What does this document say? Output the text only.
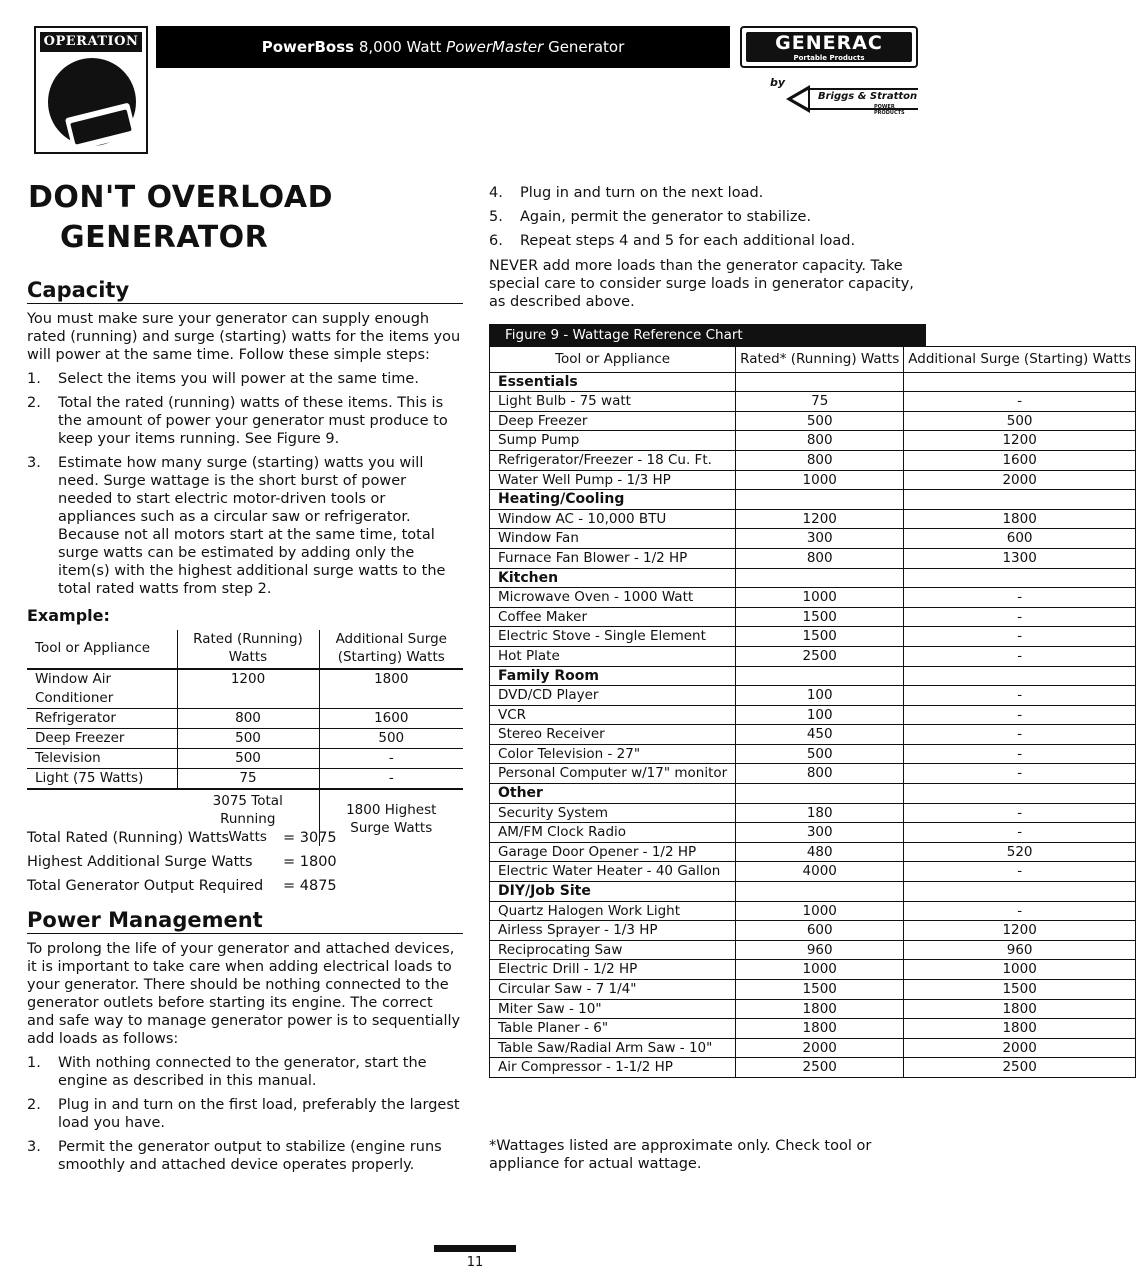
OPERATION	PowerBoss 8,000 Watt PowerMaster Generator	GENERAC
Portable Products
by
Briggs & Stratton
POWER PRODUCTS
DON'T OVERLOAD
GENERATOR
Capacity
You must make sure your generator can supply enough rated (running) and surge (starting) watts for the items you will power at the same time. Follow these simple steps:
1. Select the items you will power at the same time.
2. Total the rated (running) watts of these items. This is the amount of power your generator must produce to keep your items running. See Figure 9.
3. Estimate how many surge (starting) watts you will need. Surge wattage is the short burst of power needed to start electric motor-driven tools or appliances such as a circular saw or refrigerator. Because not all motors start at the same time, total surge watts can be estimated by adding only the item(s) with the highest additional surge watts to the total rated watts from step 2.
Example:
Tool or Appliance	Rated (Running) Watts	Additional Surge (Starting) Watts
Window Air Conditioner	1200	1800
Refrigerator	800	1600
Deep Freezer	500	500
Television	500	-
Light (75 Watts)	75	-
	3075 Total Running Watts	1800 Highest Surge Watts
Total Rated (Running) Watts	= 3075
Highest Additional Surge Watts = 1800
Total Generator Output Required = 4875
Power Management
To prolong the life of your generator and attached devices, it is important to take care when adding electrical loads to your generator. There should be nothing connected to the generator outlets before starting its engine. The correct and safe way to manage generator power is to sequentially add loads as follows:
1. With nothing connected to the generator, start the engine as described in this manual.
2. Plug in and turn on the first load, preferably the largest load you have.
3. Permit the generator output to stabilize (engine runs smoothly and attached device operates properly.
4. Plug in and turn on the next load.
5. Again, permit the generator to stabilize.
6. Repeat steps 4 and 5 for each additional load.
NEVER add more loads than the generator capacity. Take special care to consider surge loads in generator capacity, as described above.
Figure 9 - Wattage Reference Chart
Tool or Appliance	Rated* (Running) Watts	Additional Surge (Starting) Watts
Essentials		
Light Bulb - 75 watt	75	-
Deep Freezer	500	500
Sump Pump	800	1200
Refrigerator/Freezer - 18 Cu. Ft.	800	1600
Water Well Pump - 1/3 HP	1000	2000
Heating/Cooling		
Window AC - 10,000 BTU	1200	1800
Window Fan	300	600
Furnace Fan Blower - 1/2 HP	800	1300
Kitchen		
Microwave Oven - 1000 Watt	1000	-
Coffee Maker	1500	-
Electric Stove - Single Element	1500	-
Hot Plate	2500	-
Family Room		
DVD/CD Player	100	-
VCR	100	-
Stereo Receiver	450	-
Color Television - 27"	500	-
Personal Computer w/17" monitor	800	-
Other		
Security System	180	-
AM/FM Clock Radio	300	-
Garage Door Opener - 1/2 HP	480	520
Electric Water Heater - 40 Gallon	4000	-
DIY/Job Site		
Quartz Halogen Work Light	1000	-
Airless Sprayer - 1/3 HP	600	1200
Reciprocating Saw	960	960
Electric Drill - 1/2 HP	1000	1000
Circular Saw - 7 1/4"	1500	1500
Miter Saw - 10"	1800	1800
Table Planer - 6"	1800	1800
Table Saw/Radial Arm Saw - 10"	2000	2000
Air Compressor - 1-1/2 HP	2500	2500
*Wattages listed are approximate only. Check tool or appliance for actual wattage.
11
